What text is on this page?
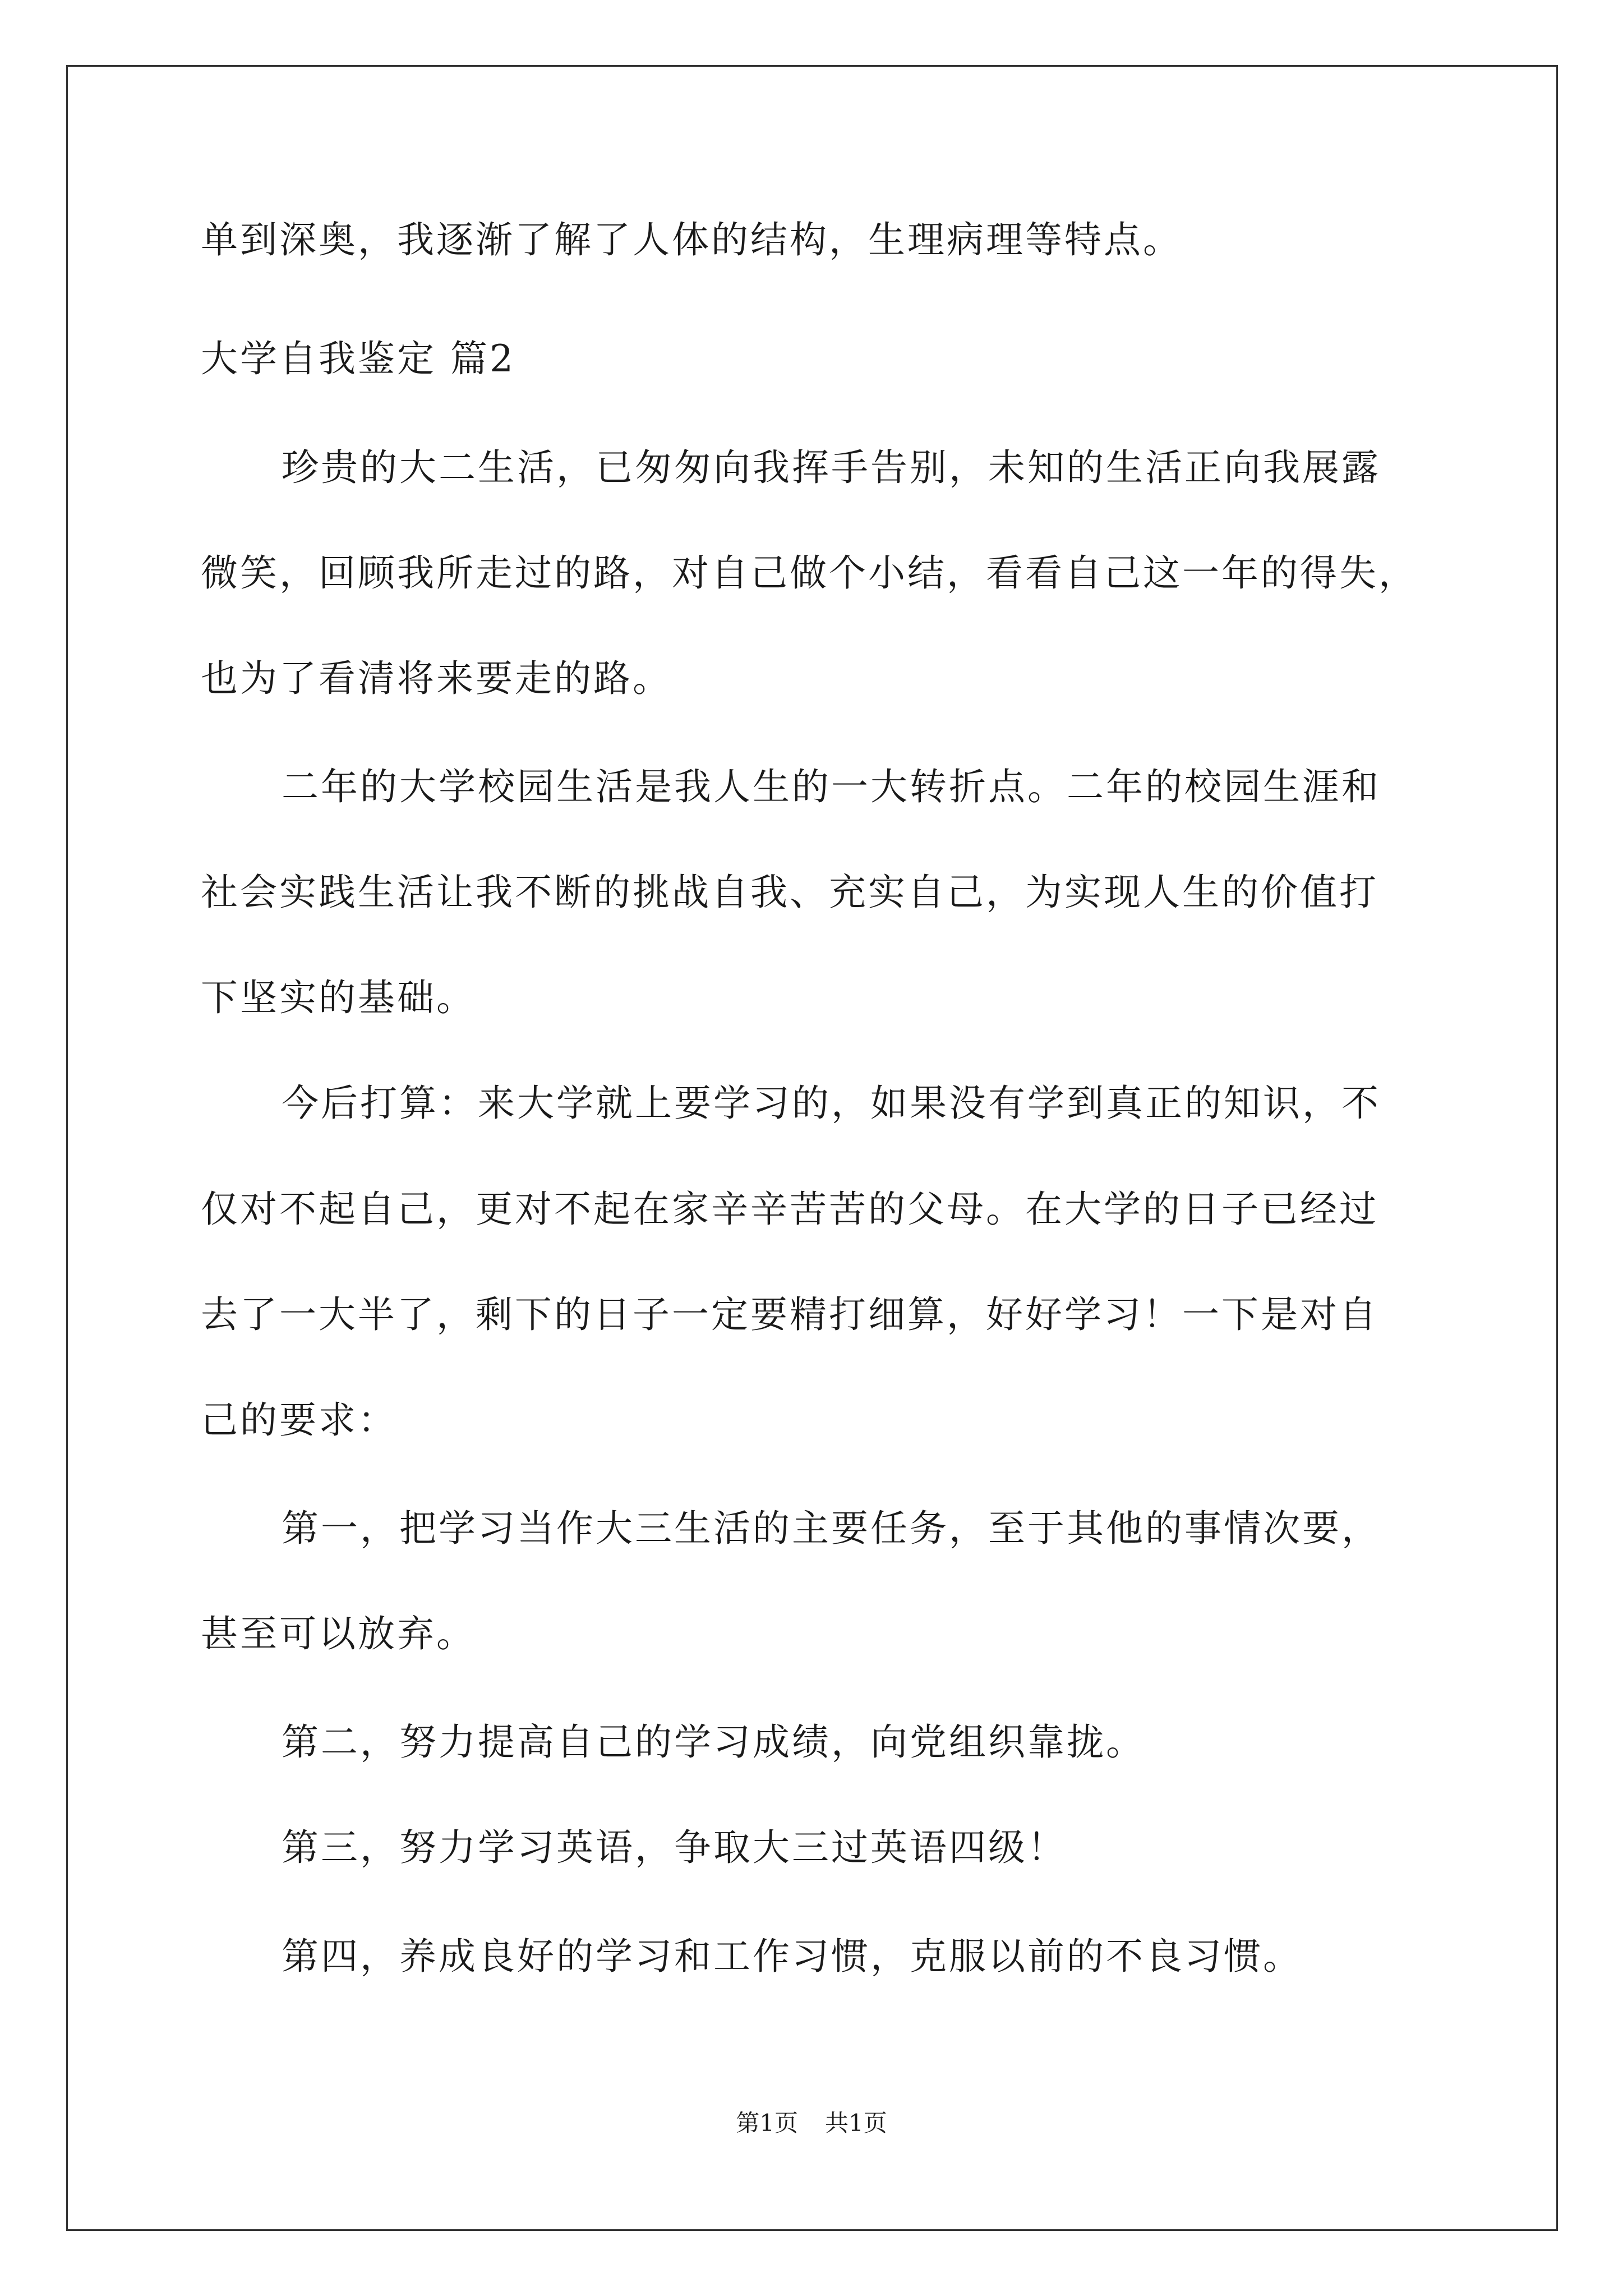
单到深奥，我逐渐了解了人体的结构，生理病理等特点。
大学自我鉴定 篇2
珍贵的大二生活，已匆匆向我挥手告别，未知的生活正向我展露
微笑，回顾我所走过的路，对自己做个小结，看看自己这一年的得失，
也为了看清将来要走的路。
二年的大学校园生活是我人生的一大转折点。二年的校园生涯和
社会实践生活让我不断的挑战自我、充实自己，为实现人生的价值打
下坚实的基础。
今后打算：来大学就上要学习的，如果没有学到真正的知识，不
仅对不起自己，更对不起在家辛辛苦苦的父母。在大学的日子已经过
去了一大半了，剩下的日子一定要精打细算，好好学习！一下是对自
己的要求：
第一，把学习当作大三生活的主要任务，至于其他的事情次要，
甚至可以放弃。
第二，努力提高自己的学习成绩，向党组织靠拢。
第三，努力学习英语，争取大三过英语四级！
第四，养成良好的学习和工作习惯，克服以前的不良习惯。
第1页 共1页
